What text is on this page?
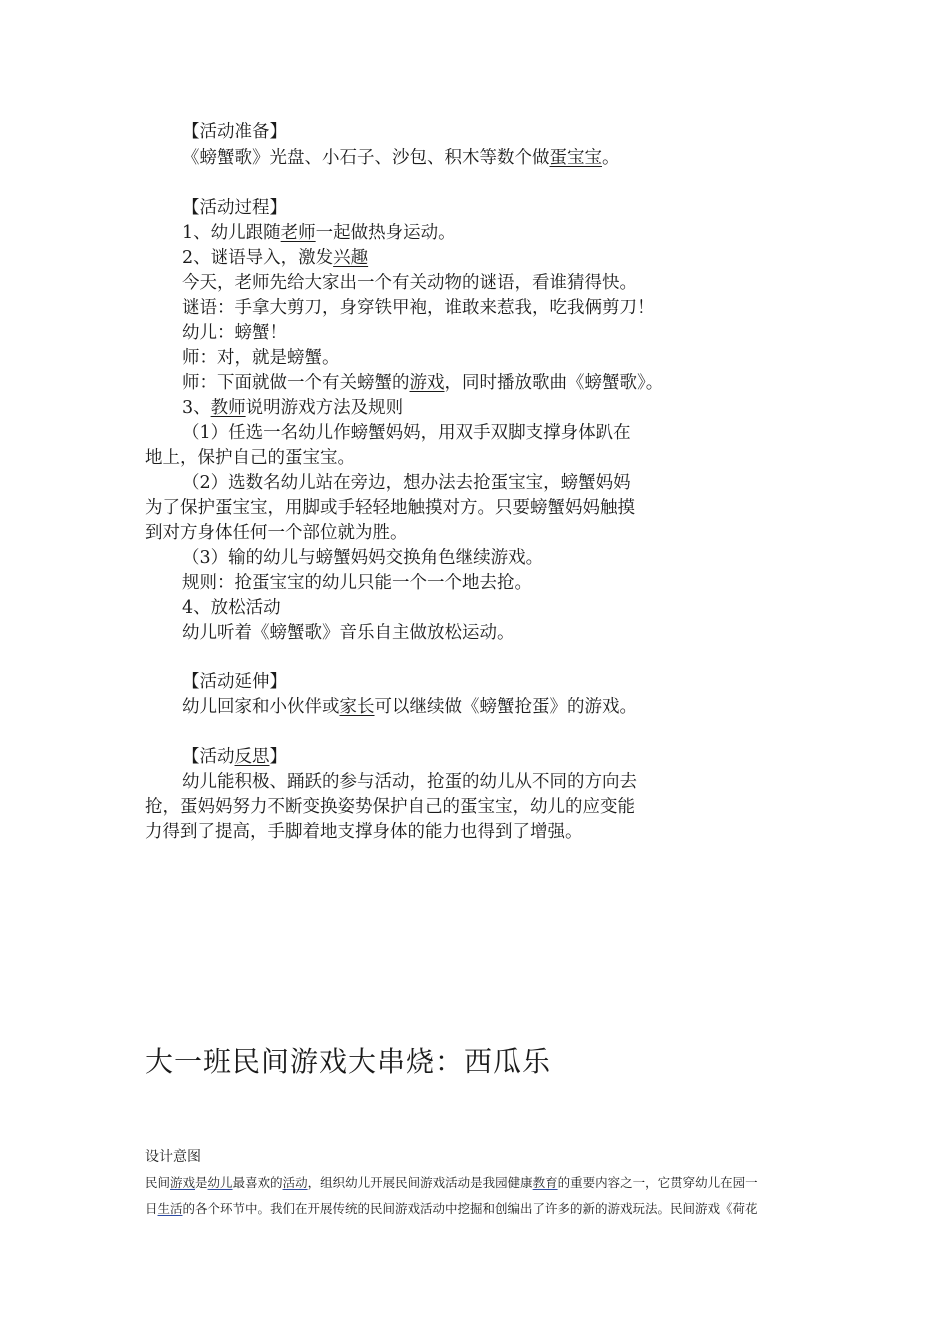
【活动准备】
《螃蟹歌》光盘、小石子、沙包、积木等数个做蛋宝宝。
【活动过程】
1、幼儿跟随老师一起做热身运动。
2、谜语导入，激发兴趣
今天，老师先给大家出一个有关动物的谜语，看谁猜得快。
谜语：手拿大剪刀，身穿铁甲袍，谁敢来惹我，吃我俩剪刀！
幼儿：螃蟹！
师：对，就是螃蟹。
师：下面就做一个有关螃蟹的游戏，同时播放歌曲《螃蟹歌》。
3、教师说明游戏方法及规则
（1）任选一名幼儿作螃蟹妈妈，用双手双脚支撑身体趴在
地上，保护自己的蛋宝宝。
（2）选数名幼儿站在旁边，想办法去抢蛋宝宝，螃蟹妈妈
为了保护蛋宝宝，用脚或手轻轻地触摸对方。只要螃蟹妈妈触摸
到对方身体任何一个部位就为胜。
（3）输的幼儿与螃蟹妈妈交换角色继续游戏。
规则：抢蛋宝宝的幼儿只能一个一个地去抢。
4、放松活动
幼儿听着《螃蟹歌》音乐自主做放松运动。
【活动延伸】
幼儿回家和小伙伴或家长可以继续做《螃蟹抢蛋》的游戏。
【活动反思】
幼儿能积极、踊跃的参与活动，抢蛋的幼儿从不同的方向去
抢，蛋妈妈努力不断变换姿势保护自己的蛋宝宝，幼儿的应变能
力得到了提高，手脚着地支撑身体的能力也得到了增强。
大一班民间游戏大串烧：西瓜乐
设计意图
民间游戏是幼儿最喜欢的活动，组织幼儿开展民间游戏活动是我园健康教育的重要内容之一，它贯穿幼儿在园一
日生活的各个环节中。我们在开展传统的民间游戏活动中挖掘和创编出了许多的新的游戏玩法。民间游戏《荷花
